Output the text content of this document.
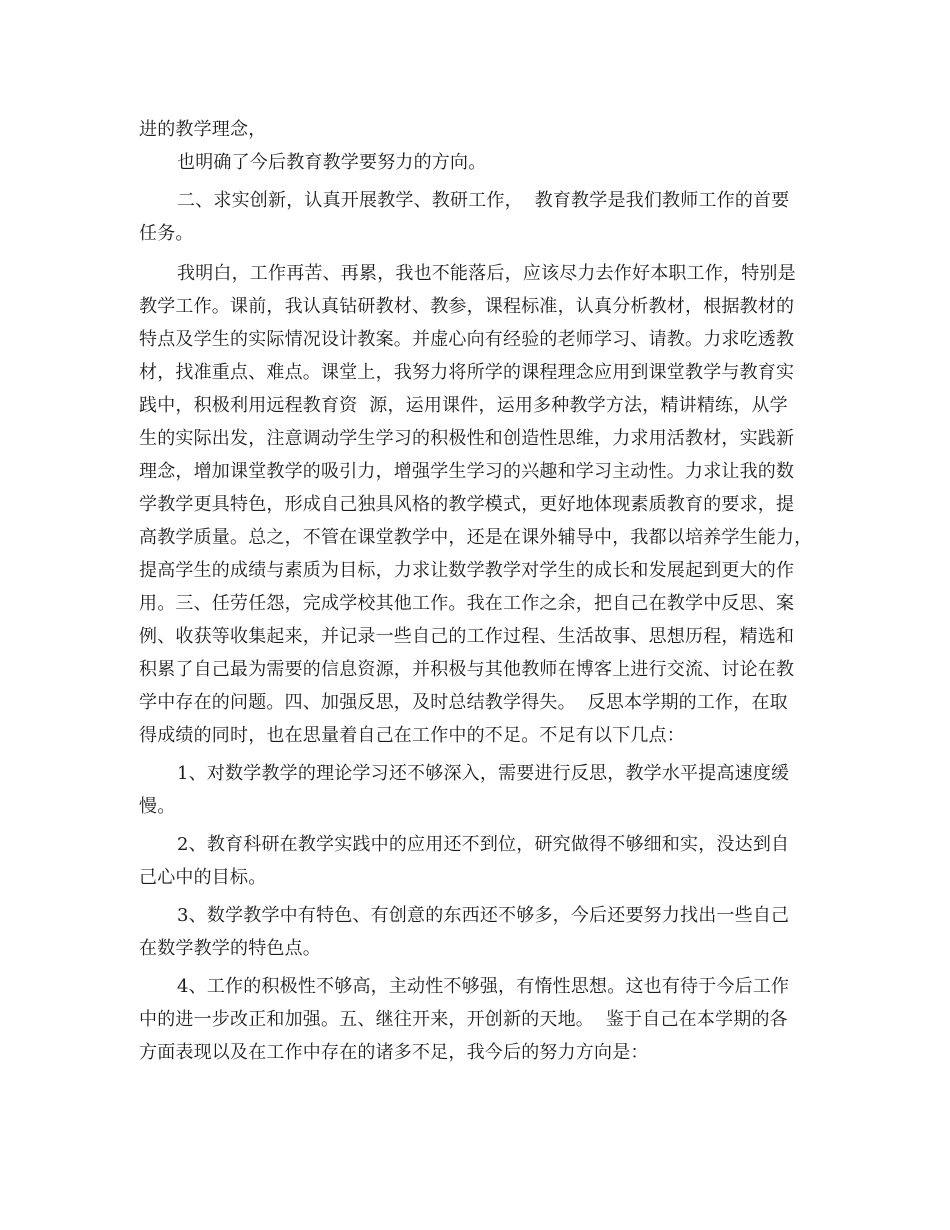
进的教学理念，
也明确了今后教育教学要努力的方向。
二、求实创新，认真开展教学、教研工作，  教育教学是我们教师工作的首要
任务。
我明白，工作再苦、再累，我也不能落后，应该尽力去作好本职工作，特别是
教学工作。课前，我认真钻研教材、教参，课程标准，认真分析教材，根据教材的
特点及学生的实际情况设计教案。并虚心向有经验的老师学习、请教。力求吃透教
材，找准重点、难点。课堂上，我努力将所学的课程理念应用到课堂教学与教育实
践中，积极利用远程教育资  源，运用课件，运用多种教学方法，精讲精练，从学
生的实际出发，注意调动学生学习的积极性和创造性思维，力求用活教材，实践新
理念，增加课堂教学的吸引力，增强学生学习的兴趣和学习主动性。力求让我的数
学教学更具特色，形成自己独具风格的教学模式，更好地体现素质教育的要求，提
高教学质量。总之，不管在课堂教学中，还是在课外辅导中，我都以培养学生能力，
提高学生的成绩与素质为目标，力求让数学教学对学生的成长和发展起到更大的作
用。三、任劳任怨，完成学校其他工作。我在工作之余，把自己在教学中反思、案
例、收获等收集起来，并记录一些自己的工作过程、生活故事、思想历程，精选和
积累了自己最为需要的信息资源，并积极与其他教师在博客上进行交流、讨论在教
学中存在的问题。四、加强反思，及时总结教学得失。  反思本学期的工作，在取
得成绩的同时，也在思量着自己在工作中的不足。不足有以下几点：
1、对数学教学的理论学习还不够深入，需要进行反思，教学水平提高速度缓
慢。
2、教育科研在教学实践中的应用还不到位，研究做得不够细和实，没达到自
己心中的目标。
3、数学教学中有特色、有创意的东西还不够多，今后还要努力找出一些自己
在数学教学的特色点。
4、工作的积极性不够高，主动性不够强，有惰性思想。这也有待于今后工作
中的进一步改正和加强。五、继往开来，开创新的天地。  鉴于自己在本学期的各
方面表现以及在工作中存在的诸多不足，我今后的努力方向是：
